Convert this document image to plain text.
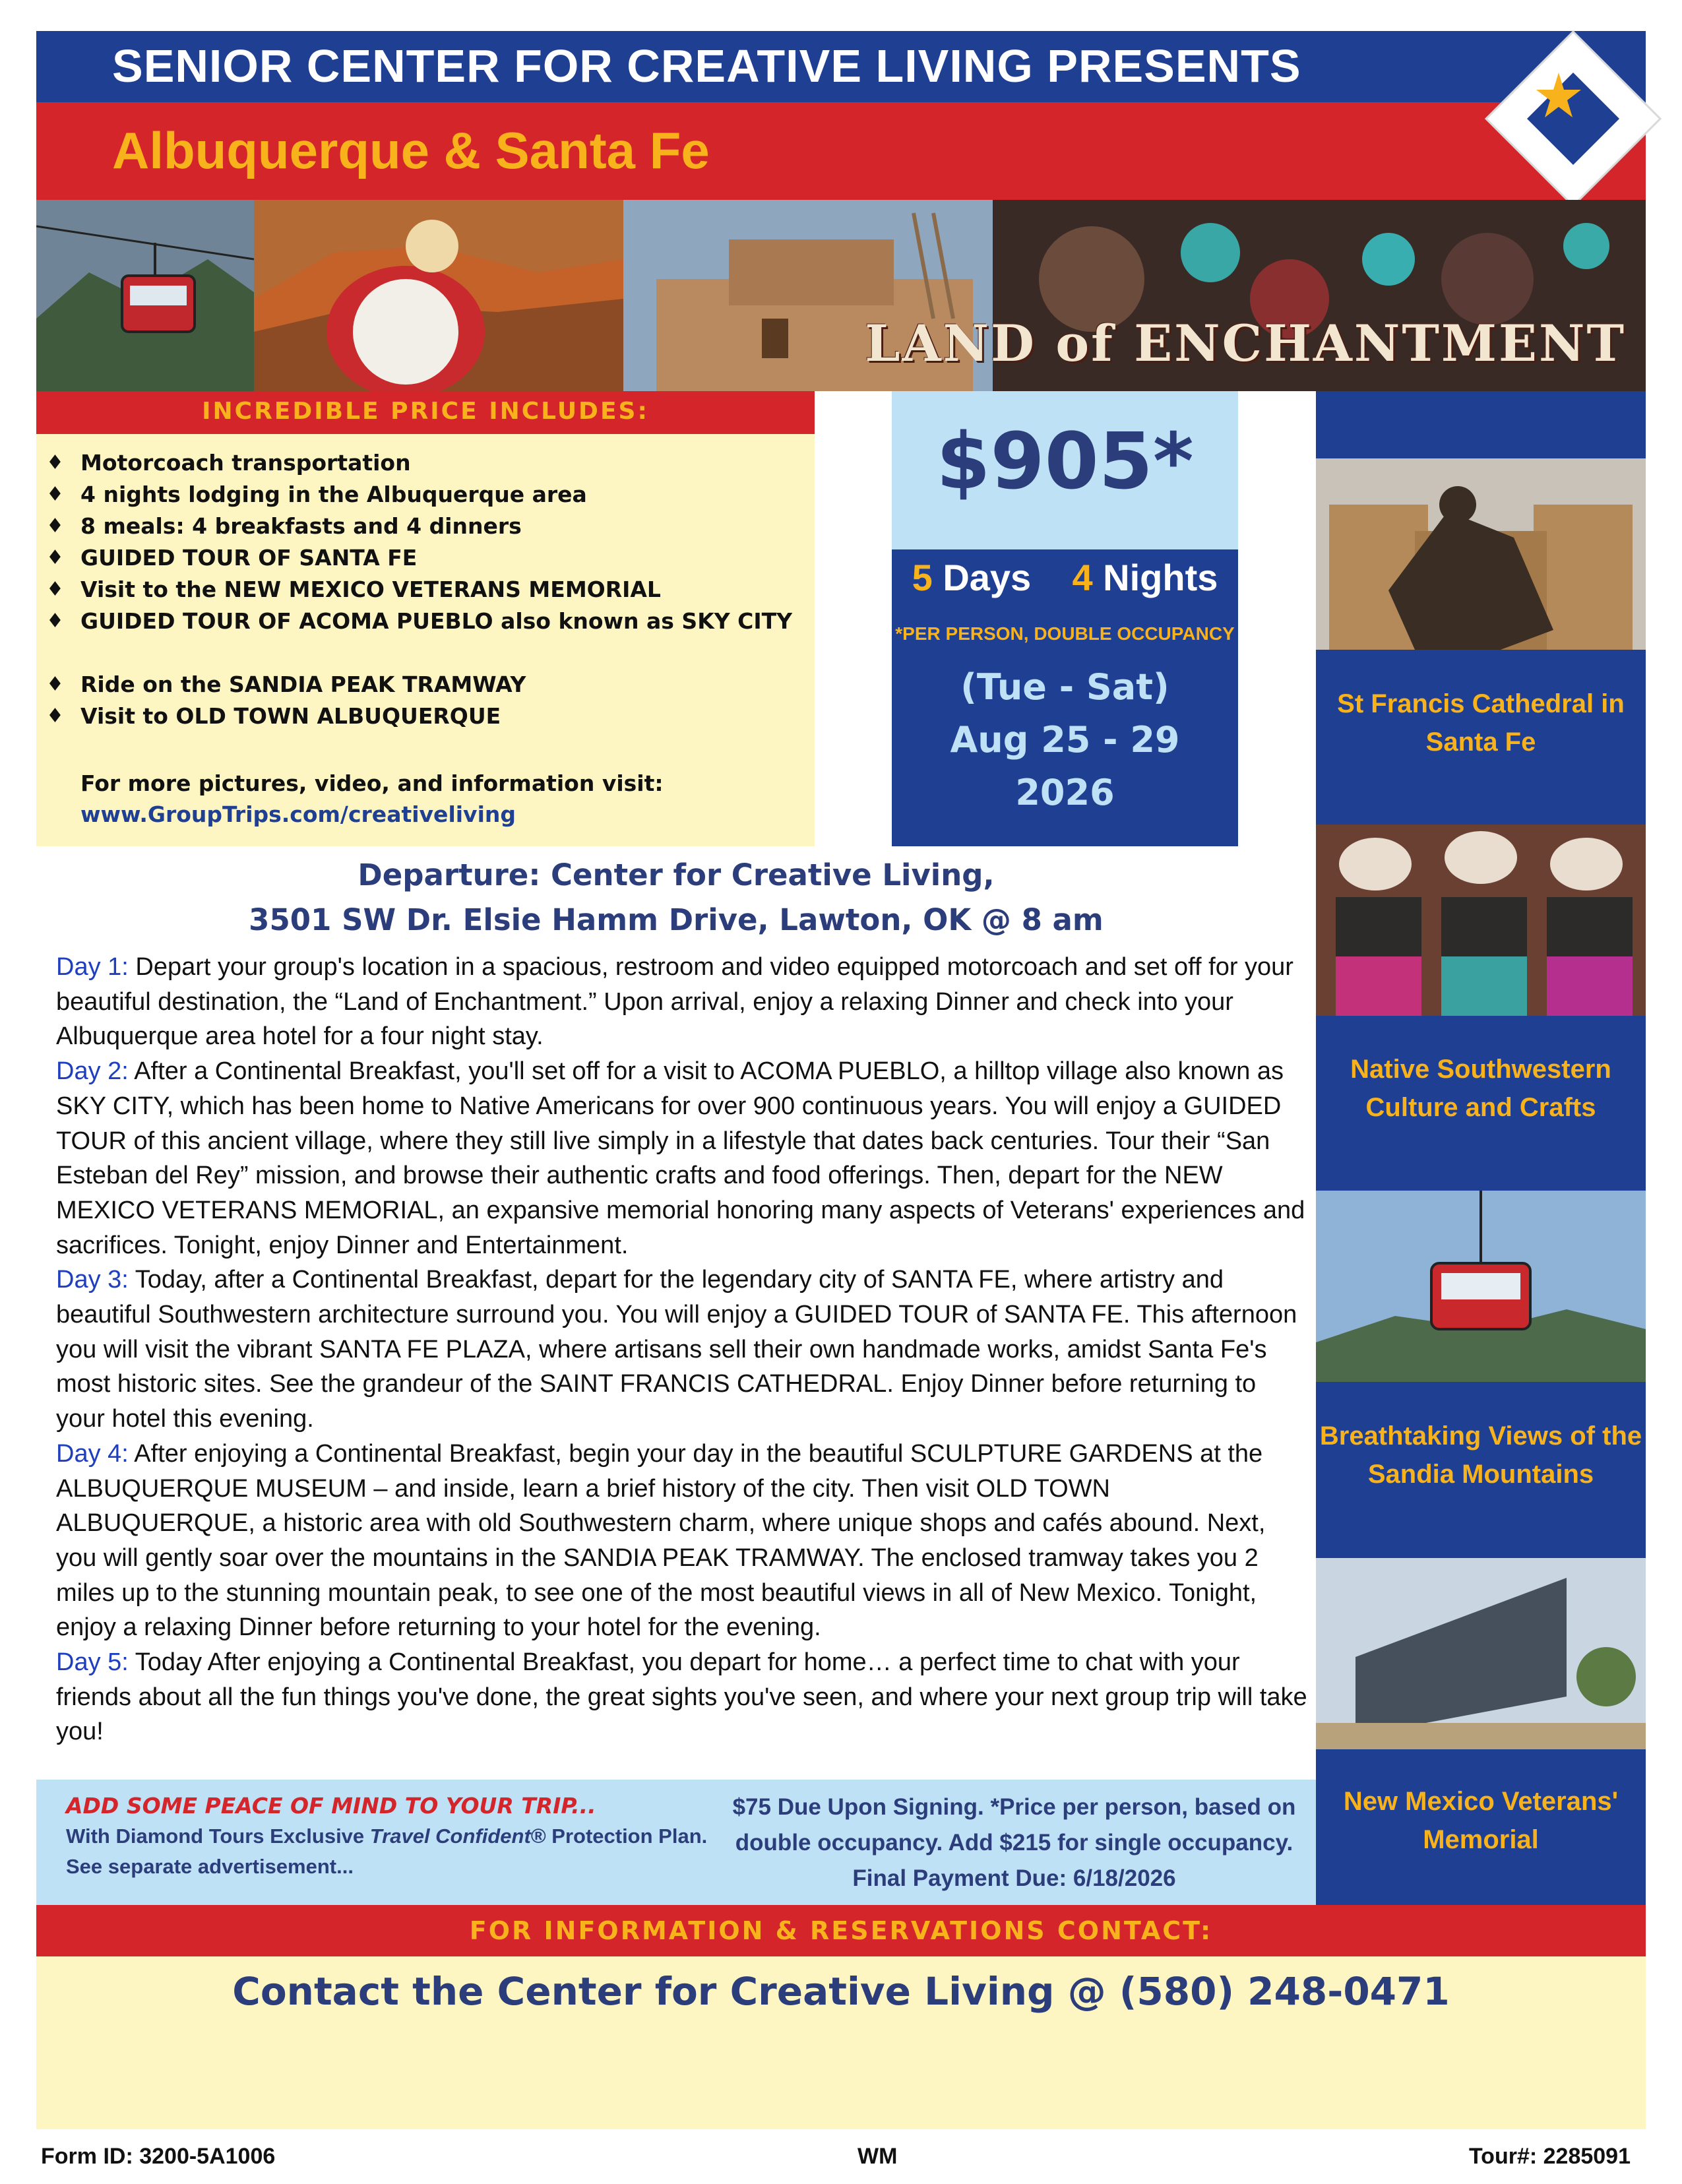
SENIOR CENTER FOR CREATIVE LIVING PRESENTS
Albuquerque & Santa Fe
LAND of ENCHANTMENT
INCREDIBLE PRICE INCLUDES:
♦ Motorcoach transportation
♦ 4 nights lodging in the Albuquerque area
♦ 8 meals: 4 breakfasts and 4 dinners
♦ GUIDED TOUR OF SANTA FE
♦ Visit to the NEW MEXICO VETERANS MEMORIAL
♦ GUIDED TOUR OF ACOMA PUEBLO also known as SKY CITY
♦ Ride on the SANDIA PEAK TRAMWAY
♦ Visit to OLD TOWN ALBUQUERQUE
For more pictures, video, and information visit:
www.GroupTrips.com/creativeliving
$905*
5 Days 4 Nights
*PER PERSON, DOUBLE OCCUPANCY
(Tue - Sat)
Aug 25 - 29
2026
St Francis Cathedral in Santa Fe
Native Southwestern Culture and Crafts
Breathtaking Views of the Sandia Mountains
New Mexico Veterans' Memorial
Departure: Center for Creative Living,
3501 SW Dr. Elsie Hamm Drive, Lawton, OK @ 8 am

Day 1: Depart your group's location in a spacious, restroom and video equipped motorcoach and set off for your beautiful destination, the “Land of Enchantment.” Upon arrival, enjoy a relaxing Dinner and check into your Albuquerque area hotel for a four night stay.

Day 2: After a Continental Breakfast, you'll set off for a visit to ACOMA PUEBLO, a hilltop village also known as SKY CITY, which has been home to Native Americans for over 900 continuous years. You will enjoy a GUIDED TOUR of this ancient village, where they still live simply in a lifestyle that dates back centuries. Tour their “San Esteban del Rey” mission, and browse their authentic crafts and food offerings. Then, depart for the NEW MEXICO VETERANS MEMORIAL, an expansive memorial honoring many aspects of Veterans' experiences and sacrifices. Tonight, enjoy Dinner and Entertainment.

Day 3: Today, after a Continental Breakfast, depart for the legendary city of SANTA FE, where artistry and beautiful Southwestern architecture surround you. You will enjoy a GUIDED TOUR of SANTA FE. This afternoon you will visit the vibrant SANTA FE PLAZA, where artisans sell their own handmade works, amidst Santa Fe's most historic sites. See the grandeur of the SAINT FRANCIS CATHEDRAL. Enjoy Dinner before returning to your hotel this evening.

Day 4: After enjoying a Continental Breakfast, begin your day in the beautiful SCULPTURE GARDENS at the ALBUQUERQUE MUSEUM – and inside, learn a brief history of the city. Then visit OLD TOWN ALBUQUERQUE, a historic area with old Southwestern charm, where unique shops and cafés abound. Next, you will gently soar over the mountains in the SANDIA PEAK TRAMWAY. The enclosed tramway takes you 2 miles up to the stunning mountain peak, to see one of the most beautiful views in all of New Mexico. Tonight, enjoy a relaxing Dinner before returning to your hotel for the evening.

Day 5: Today After enjoying a Continental Breakfast, you depart for home… a perfect time to chat with your friends about all the fun things you've done, the great sights you've seen, and where your next group trip will take you!

ADD SOME PEACE OF MIND TO YOUR TRIP...
With Diamond Tours Exclusive Travel Confident® Protection Plan.
See separate advertisement...
$75 Due Upon Signing. *Price per person, based on
double occupancy. Add $215 for single occupancy.
Final Payment Due: 6/18/2026
FOR INFORMATION & RESERVATIONS CONTACT:
Contact the Center for Creative Living @ (580) 248-0471
Form ID: 3200-5A1006	WM	Tour#: 2285091
